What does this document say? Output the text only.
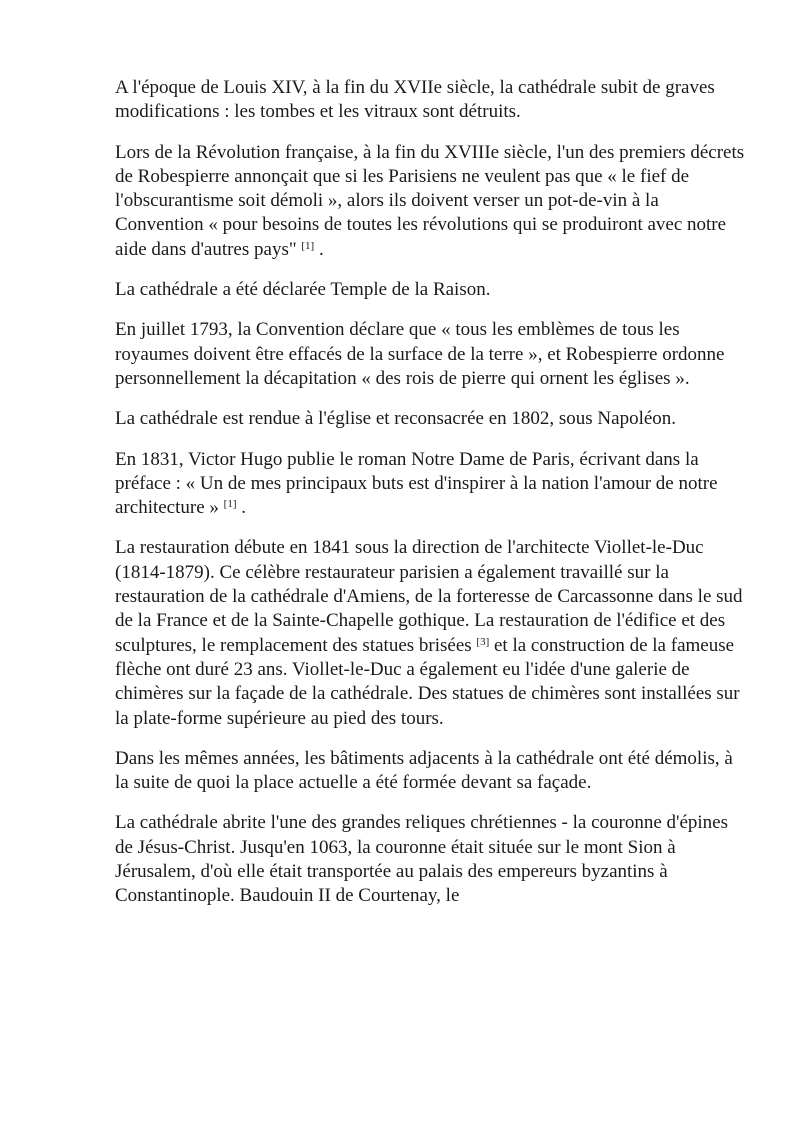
A l'époque de Louis XIV, à la fin du XVIIe siècle, la cathédrale subit de graves modifications : les tombes et les vitraux sont détruits.

Lors de la Révolution française, à la fin du XVIIIe siècle, l'un des premiers décrets de Robespierre annonçait que si les Parisiens ne veulent pas que « le fief de l'obscurantisme soit démoli », alors ils doivent verser un pot-de-vin à la Convention « pour besoins de toutes les révolutions qui se produiront avec notre aide dans d'autres pays" [1] .

La cathédrale a été déclarée Temple de la Raison.

En juillet 1793, la Convention déclare que « tous les emblèmes de tous les royaumes doivent être effacés de la surface de la terre », et Robespierre ordonne personnellement la décapitation « des rois de pierre qui ornent les églises ».

La cathédrale est rendue à l'église et reconsacrée en 1802, sous Napoléon.

En 1831, Victor Hugo publie le roman Notre Dame de Paris, écrivant dans la préface : « Un de mes principaux buts est d'inspirer à la nation l'amour de notre architecture » [1] .

La restauration débute en 1841 sous la direction de l'architecte Viollet-le-Duc (1814-1879). Ce célèbre restaurateur parisien a également travaillé sur la restauration de la cathédrale d'Amiens, de la forteresse de Carcassonne dans le sud de la France et de la Sainte-Chapelle gothique. La restauration de l'édifice et des sculptures, le remplacement des statues brisées [3] et la construction de la fameuse flèche ont duré 23 ans. Viollet-le-Duc a également eu l'idée d'une galerie de chimères sur la façade de la cathédrale. Des statues de chimères sont installées sur la plate-forme supérieure au pied des tours.

Dans les mêmes années, les bâtiments adjacents à la cathédrale ont été démolis, à la suite de quoi la place actuelle a été formée devant sa façade.

La cathédrale abrite l'une des grandes reliques chrétiennes - la couronne d'épines de Jésus-Christ. Jusqu'en 1063, la couronne était située sur le mont Sion à Jérusalem, d'où elle était transportée au palais des empereurs byzantins à Constantinople. Baudouin II de Courtenay, le
